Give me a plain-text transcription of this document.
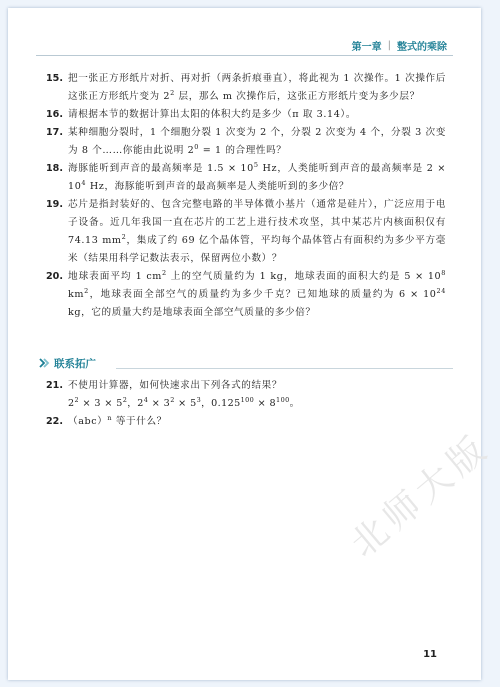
第一章 | 整式的乘除
15. 把一张正方形纸片对折、再对折（两条折痕垂直），将此视为 1 次操作。1 次操作后这张正方形纸片变为 $2^2$ 层，那么 m 次操作后，这张正方形纸片变为多少层？
16. 请根据本节的数据计算出太阳的体积大约是多少（π 取 3.14）。
17. 某种细胞分裂时，1 个细胞分裂 1 次变为 2 个，分裂 2 次变为 4 个，分裂 3 次变为 8 个……你能由此说明 $2^0 = 1$ 的合理性吗？
18. 海豚能听到声音的最高频率是 $1.5 \times 10^5$ Hz，人类能听到声音的最高频率是 $2 \times 10^4$ Hz，海豚能听到声音的最高频率是人类能听到的多少倍？
19. 芯片是指封装好的、包含完整电路的半导体微小基片（通常是硅片），广泛应用于电子设备。近几年我国一直在芯片的工艺上进行技术攻坚，其中某芯片内核面积仅有 74.13 $mm^2$，集成了约 69 亿个晶体管，平均每个晶体管占有面积约为多少平方毫米（结果用科学记数法表示，保留两位小数）？
20. 地球表面平均 1 $cm^2$ 上的空气质量约为 1 kg，地球表面的面积大约是 $5 \times 10^8$ $km^2$，地球表面全部空气的质量约为多少千克？已知地球的质量约为 $6 \times 10^{24}$ kg，它的质量大约是地球表面全部空气质量的多少倍？
联系拓广
21. 不使用计算器，如何快速求出下列各式的结果？
$2^2 \times 3 \times 5^2$，$2^4 \times 3^2 \times 5^3$，$0.125^{100} \times 8^{100}$。
22. （abc）$^n$ 等于什么？
北师大版
11
